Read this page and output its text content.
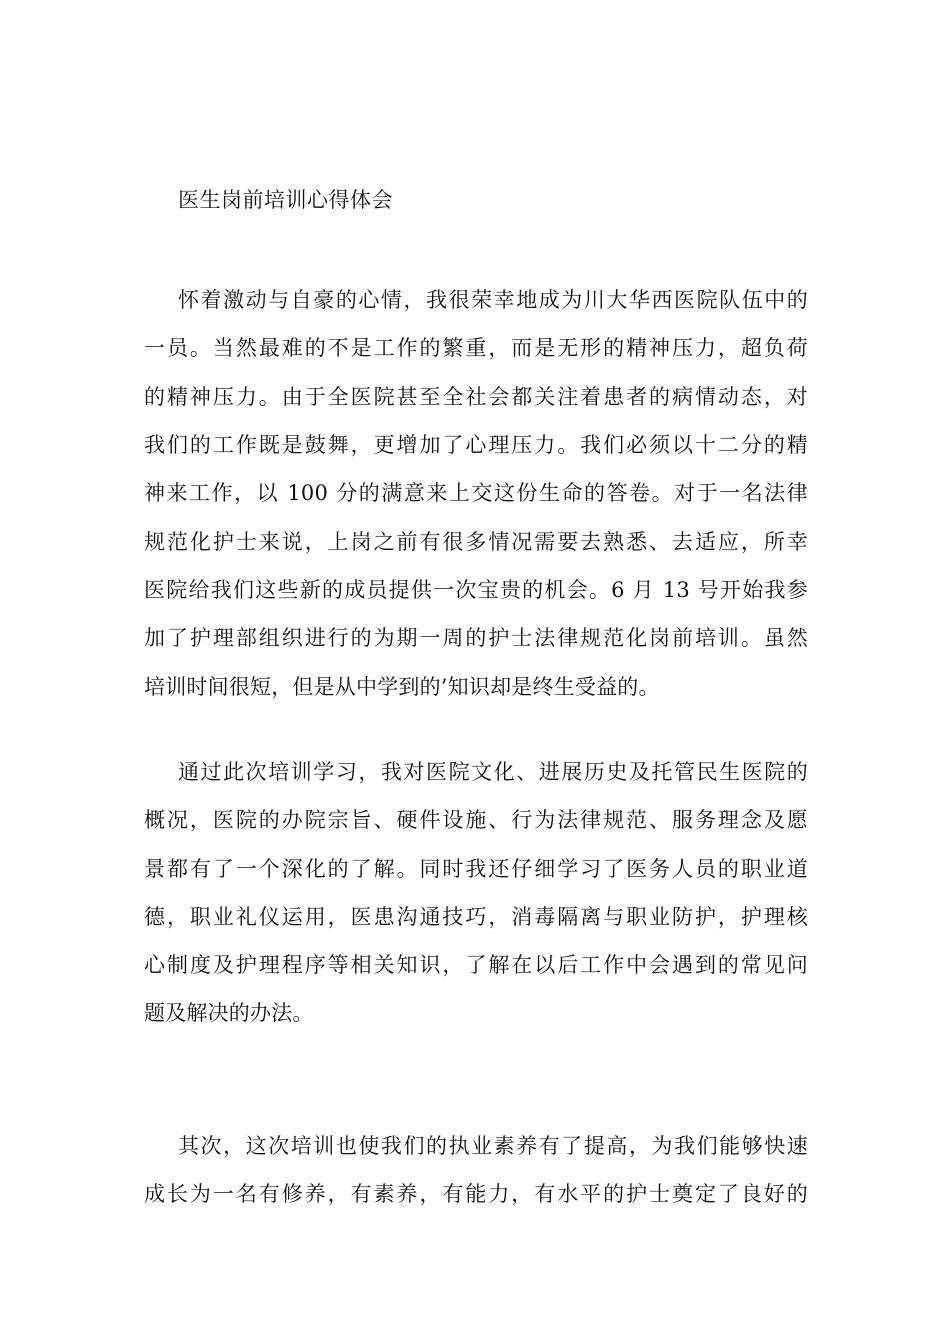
医生岗前培训心得体会
怀着激动与自豪的心情，我很荣幸地成为川大华西医院队伍中的
一员。当然最难的不是工作的繁重，而是无形的精神压力，超负荷
的精神压力。由于全医院甚至全社会都关注着患者的病情动态，对
我们的工作既是鼓舞，更增加了心理压力。我们必须以十二分的精
神来工作，以 100 分的满意来上交这份生命的答卷。对于一名法律
规范化护士来说，上岗之前有很多情况需要去熟悉、去适应，所幸
医院给我们这些新的成员提供一次宝贵的机会。6 月 13 号开始我参
加了护理部组织进行的为期一周的护士法律规范化岗前培训。虽然
培训时间很短，但是从中学到的’知识却是终生受益的。
通过此次培训学习，我对医院文化、进展历史及托管民生医院的
概况，医院的办院宗旨、硬件设施、行为法律规范、服务理念及愿
景都有了一个深化的了解。同时我还仔细学习了医务人员的职业道
德，职业礼仪运用，医患沟通技巧，消毒隔离与职业防护，护理核
心制度及护理程序等相关知识，了解在以后工作中会遇到的常见问
题及解决的办法。
其次，这次培训也使我们的执业素养有了提高，为我们能够快速
成长为一名有修养，有素养，有能力，有水平的护士奠定了良好的
